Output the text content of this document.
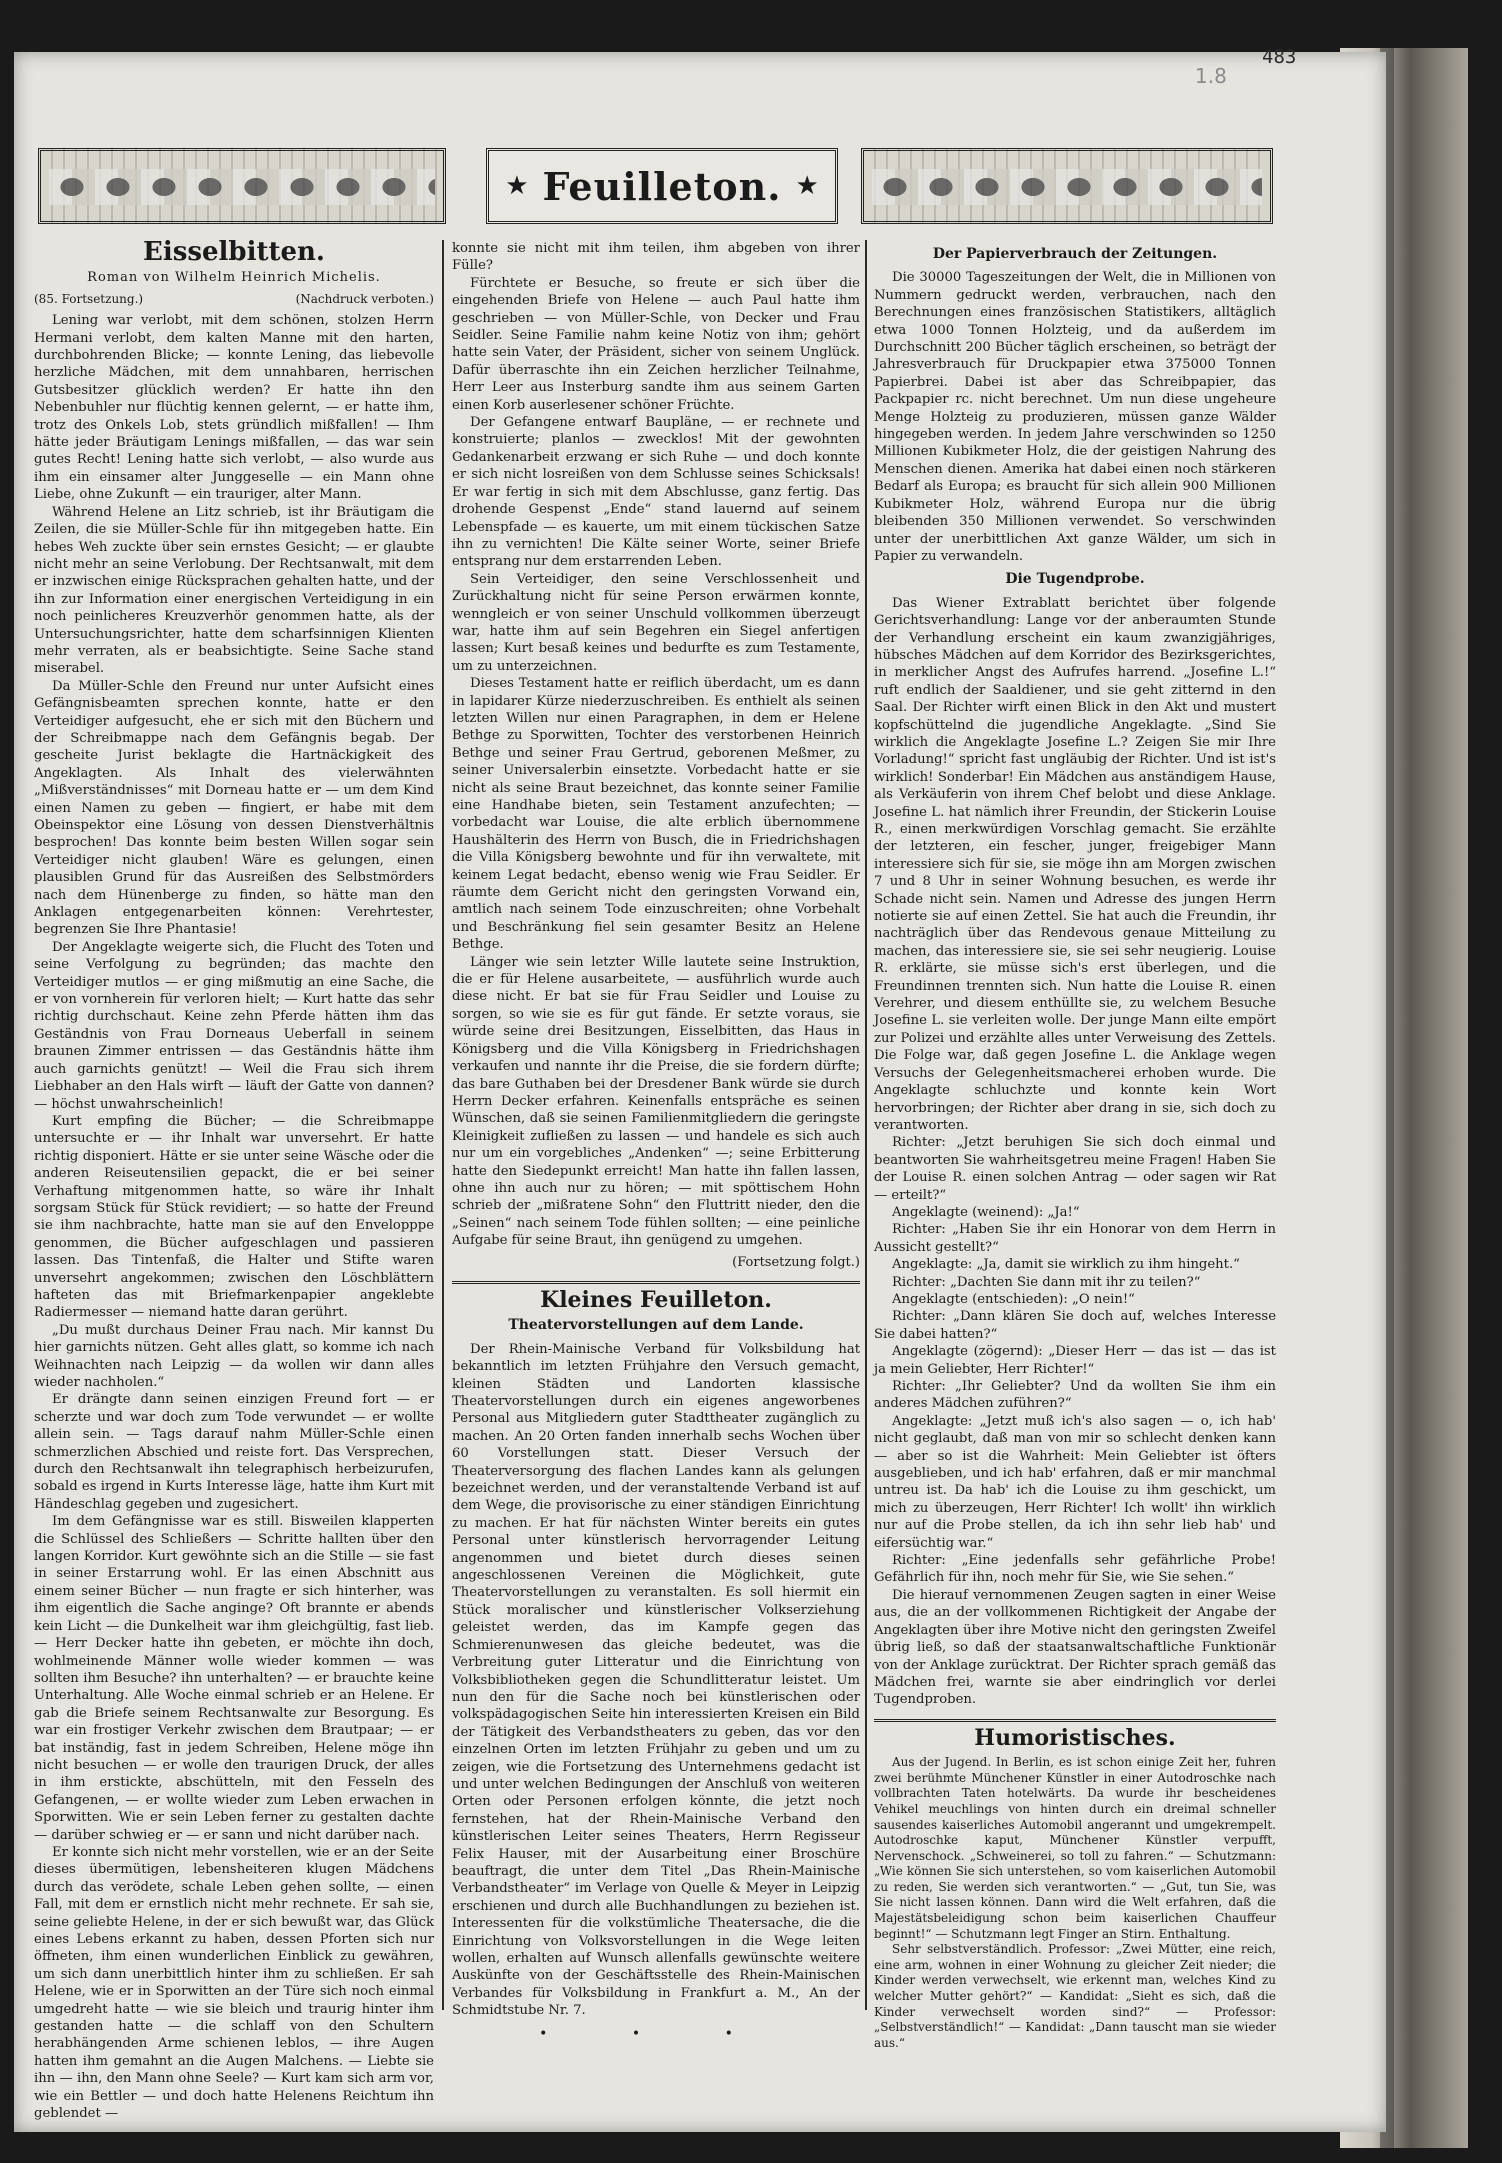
483
1.8
★ Feuilleton. ★
Eisselbitten.
Roman von Wilhelm Heinrich Michelis.
(85. Fortsetzung.)	(Nachdruck verboten.)

Lening war verlobt, mit dem schönen, stolzen Herrn Hermani verlobt, dem kalten Manne mit den harten, durchbohrenden Blicke; — konnte Lening, das liebevolle herzliche Mädchen, mit dem unnahbaren, herrischen Gutsbesitzer glücklich werden? Er hatte ihn den Nebenbuhler nur flüchtig kennen gelernt, — er hatte ihm, trotz des Onkels Lob, stets gründlich mißfallen! — Ihm hätte jeder Bräutigam Lenings mißfallen, — das war sein gutes Recht! Lening hatte sich verlobt, — also wurde aus ihm ein einsamer alter Junggeselle — ein Mann ohne Liebe, ohne Zukunft — ein trauriger, alter Mann.

Während Helene an Litz schrieb, ist ihr Bräutigam die Zeilen, die sie Müller-Schle für ihn mitgegeben hatte. Ein hebes Weh zuckte über sein ernstes Gesicht; — er glaubte nicht mehr an seine Verlobung. Der Rechtsanwalt, mit dem er inzwischen einige Rücksprachen gehalten hatte, und der ihn zur Information einer energischen Verteidigung in ein noch peinlicheres Kreuzverhör genommen hatte, als der Untersuchungsrichter, hatte dem scharfsinnigen Klienten mehr verraten, als er beabsichtigte. Seine Sache stand miserabel.

Da Müller-Schle den Freund nur unter Aufsicht eines Gefängnisbeamten sprechen konnte, hatte er den Verteidiger aufgesucht, ehe er sich mit den Büchern und der Schreibmappe nach dem Gefängnis begab. Der gescheite Jurist beklagte die Hartnäckigkeit des Angeklagten. Als Inhalt des vielerwähnten „Mißverständnisses“ mit Dorneau hatte er — um dem Kind einen Namen zu geben — fingiert, er habe mit dem Obeinspektor eine Lösung von dessen Dienstverhältnis besprochen! Das konnte beim besten Willen sogar sein Verteidiger nicht glauben! Wäre es gelungen, einen plausiblen Grund für das Ausreißen des Selbstmörders nach dem Hünenberge zu finden, so hätte man den Anklagen entgegenarbeiten können: Verehrtester, begrenzen Sie Ihre Phantasie!

Der Angeklagte weigerte sich, die Flucht des Toten und seine Verfolgung zu begründen; das machte den Verteidiger mutlos — er ging mißmutig an eine Sache, die er von vornherein für verloren hielt; — Kurt hatte das sehr richtig durchschaut. Keine zehn Pferde hätten ihm das Geständnis von Frau Dorneaus Ueberfall in seinem braunen Zimmer entrissen — das Geständnis hätte ihm auch garnichts genützt! — Weil die Frau sich ihrem Liebhaber an den Hals wirft — läuft der Gatte von dannen? — höchst unwahrscheinlich!

Kurt empfing die Bücher; — die Schreibmappe untersuchte er — ihr Inhalt war unversehrt. Er hatte richtig disponiert. Hätte er sie unter seine Wäsche oder die anderen Reiseutensilien gepackt, die er bei seiner Verhaftung mitgenommen hatte, so wäre ihr Inhalt sorgsam Stück für Stück revidiert; — so hatte der Freund sie ihm nachbrachte, hatte man sie auf den Envelopppe genommen, die Bücher aufgeschlagen und passieren lassen. Das Tintenfaß, die Halter und Stifte waren unversehrt angekommen; zwischen den Löschblättern hafteten das mit Briefmarkenpapier angeklebte Radiermesser — niemand hatte daran gerührt.

„Du mußt durchaus Deiner Frau nach. Mir kannst Du hier garnichts nützen. Geht alles glatt, so komme ich nach Weihnachten nach Leipzig — da wollen wir dann alles wieder nachholen.“

Er drängte dann seinen einzigen Freund fort — er scherzte und war doch zum Tode verwundet — er wollte allein sein. — Tags darauf nahm Müller-Schle einen schmerzlichen Abschied und reiste fort. Das Versprechen, durch den Rechtsanwalt ihn telegraphisch herbeizurufen, sobald es irgend in Kurts Interesse läge, hatte ihm Kurt mit Händeschlag gegeben und zugesichert.

Im dem Gefängnisse war es still. Bisweilen klapperten die Schlüssel des Schließers — Schritte hallten über den langen Korridor. Kurt gewöhnte sich an die Stille — sie fast in seiner Erstarrung wohl. Er las einen Abschnitt aus einem seiner Bücher — nun fragte er sich hinterher, was ihm eigentlich die Sache anginge? Oft brannte er abends kein Licht — die Dunkelheit war ihm gleichgültig, fast lieb. — Herr Decker hatte ihn gebeten, er möchte ihn doch, wohlmeinende Männer wolle wieder kommen — was sollten ihm Besuche? ihn unterhalten? — er brauchte keine Unterhaltung. Alle Woche einmal schrieb er an Helene. Er gab die Briefe seinem Rechtsanwalte zur Besorgung. Es war ein frostiger Verkehr zwischen dem Brautpaar; — er bat inständig, fast in jedem Schreiben, Helene möge ihn nicht besuchen — er wolle den traurigen Druck, der alles in ihm erstickte, abschütteln, mit den Fesseln des Gefangenen, — er wollte wieder zum Leben erwachen in Sporwitten. Wie er sein Leben ferner zu gestalten dachte — darüber schwieg er — er sann und nicht darüber nach.

Er konnte sich nicht mehr vorstellen, wie er an der Seite dieses übermütigen, lebensheiteren klugen Mädchens durch das verödete, schale Leben gehen sollte, — einen Fall, mit dem er ernstlich nicht mehr rechnete. Er sah sie, seine geliebte Helene, in der er sich bewußt war, das Glück eines Lebens erkannt zu haben, dessen Pforten sich nur öffneten, ihm einen wunderlichen Einblick zu gewähren, um sich dann unerbittlich hinter ihm zu schließen. Er sah Helene, wie er in Sporwitten an der Türe sich noch einmal umgedreht hatte — wie sie bleich und traurig hinter ihm gestanden hatte — die schlaff von den Schultern herabhängenden Arme schienen leblos, — ihre Augen hatten ihm gemahnt an die Augen Malchens. — Liebte sie ihn — ihn, den Mann ohne Seele? — Kurt kam sich arm vor, wie ein Bettler — und doch hatte Helenens Reichtum ihn geblendet —

konnte sie nicht mit ihm teilen, ihm abgeben von ihrer Fülle?

Fürchtete er Besuche, so freute er sich über die eingehenden Briefe von Helene — auch Paul hatte ihm geschrieben — von Müller-Schle, von Decker und Frau Seidler. Seine Familie nahm keine Notiz von ihm; gehört hatte sein Vater, der Präsident, sicher von seinem Unglück. Dafür überraschte ihn ein Zeichen herzlicher Teilnahme, Herr Leer aus Insterburg sandte ihm aus seinem Garten einen Korb auserlesener schöner Früchte.

Der Gefangene entwarf Baupläne, — er rechnete und konstruierte; planlos — zwecklos! Mit der gewohnten Gedankenarbeit erzwang er sich Ruhe — und doch konnte er sich nicht losreißen von dem Schlusse seines Schicksals! Er war fertig in sich mit dem Abschlusse, ganz fertig. Das drohende Gespenst „Ende“ stand lauernd auf seinem Lebenspfade — es kauerte, um mit einem tückischen Satze ihn zu vernichten! Die Kälte seiner Worte, seiner Briefe entsprang nur dem erstarrenden Leben.

Sein Verteidiger, den seine Verschlossenheit und Zurückhaltung nicht für seine Person erwärmen konnte, wenngleich er von seiner Unschuld vollkommen überzeugt war, hatte ihm auf sein Begehren ein Siegel anfertigen lassen; Kurt besaß keines und bedurfte es zum Testamente, um zu unterzeichnen.

Dieses Testament hatte er reiflich überdacht, um es dann in lapidarer Kürze niederzuschreiben. Es enthielt als seinen letzten Willen nur einen Paragraphen, in dem er Helene Bethge zu Sporwitten, Tochter des verstorbenen Heinrich Bethge und seiner Frau Gertrud, geborenen Meßmer, zu seiner Universalerbin einsetzte. Vorbedacht hatte er sie nicht als seine Braut bezeichnet, das konnte seiner Familie eine Handhabe bieten, sein Testament anzufechten; — vorbedacht war Louise, die alte erblich übernommene Haushälterin des Herrn von Busch, die in Friedrichshagen die Villa Königsberg bewohnte und für ihn verwaltete, mit keinem Legat bedacht, ebenso wenig wie Frau Seidler. Er räumte dem Gericht nicht den geringsten Vorwand ein, amtlich nach seinem Tode einzuschreiten; ohne Vorbehalt und Beschränkung fiel sein gesamter Besitz an Helene Bethge.

Länger wie sein letzter Wille lautete seine Instruktion, die er für Helene ausarbeitete, — ausführlich wurde auch diese nicht. Er bat sie für Frau Seidler und Louise zu sorgen, so wie sie es für gut fände. Er setzte voraus, sie würde seine drei Besitzungen, Eisselbitten, das Haus in Königsberg und die Villa Königsberg in Friedrichshagen verkaufen und nannte ihr die Preise, die sie fordern dürfte; das bare Guthaben bei der Dresdener Bank würde sie durch Herrn Decker erfahren. Keinenfalls entspräche es seinen Wünschen, daß sie seinen Familienmitgliedern die geringste Kleinigkeit zufließen zu lassen — und handele es sich auch nur um ein vorgebliches „Andenken“ —; seine Erbitterung hatte den Siedepunkt erreicht! Man hatte ihn fallen lassen, ohne ihn auch nur zu hören; — mit spöttischem Hohn schrieb der „mißratene Sohn“ den Fluttritt nieder, den die „Seinen“ nach seinem Tode fühlen sollten; — eine peinliche Aufgabe für seine Braut, ihn genügend zu umgehen.

(Fortsetzung folgt.)
Kleines Feuilleton.
Theatervorstellungen auf dem Lande.

Der Rhein-Mainische Verband für Volksbildung hat bekanntlich im letzten Frühjahre den Versuch gemacht, kleinen Städten und Landorten klassische Theatervorstellungen durch ein eigenes angeworbenes Personal aus Mitgliedern guter Stadttheater zugänglich zu machen. An 20 Orten fanden innerhalb sechs Wochen über 60 Vorstellungen statt. Dieser Versuch der Theaterversorgung des flachen Landes kann als gelungen bezeichnet werden, und der veranstaltende Verband ist auf dem Wege, die provisorische zu einer ständigen Einrichtung zu machen. Er hat für nächsten Winter bereits ein gutes Personal unter künstlerisch hervorragender Leitung angenommen und bietet durch dieses seinen angeschlossenen Vereinen die Möglichkeit, gute Theatervorstellungen zu veranstalten. Es soll hiermit ein Stück moralischer und künstlerischer Volkserziehung geleistet werden, das im Kampfe gegen das Schmierenunwesen das gleiche bedeutet, was die Verbreitung guter Litteratur und die Einrichtung von Volksbibliotheken gegen die Schundlitteratur leistet. Um nun den für die Sache noch bei künstlerischen oder volkspädagogischen Seite hin interessierten Kreisen ein Bild der Tätigkeit des Verbandstheaters zu geben, das vor den einzelnen Orten im letzten Frühjahr zu geben und um zu zeigen, wie die Fortsetzung des Unternehmens gedacht ist und unter welchen Bedingungen der Anschluß von weiteren Orten oder Personen erfolgen könnte, die jetzt noch fernstehen, hat der Rhein-Mainische Verband den künstlerischen Leiter seines Theaters, Herrn Regisseur Felix Hauser, mit der Ausarbeitung einer Broschüre beauftragt, die unter dem Titel „Das Rhein-Mainische Verbandstheater“ im Verlage von Quelle & Meyer in Leipzig erschienen und durch alle Buchhandlungen zu beziehen ist. Interessenten für die volkstümliche Theatersache, die die Einrichtung von Volksvorstellungen in die Wege leiten wollen, erhalten auf Wunsch allenfalls gewünschte weitere Auskünfte von der Geschäftsstelle des Rhein-Mainischen Verbandes für Volksbildung in Frankfurt a. M., An der Schmidtstube Nr. 7.

• • •
Der Papierverbrauch der Zeitungen.

Die 30000 Tageszeitungen der Welt, die in Millionen von Nummern gedruckt werden, verbrauchen, nach den Berechnungen eines französischen Statistikers, alltäglich etwa 1000 Tonnen Holzteig, und da außerdem im Durchschnitt 200 Bücher täglich erscheinen, so beträgt der Jahresverbrauch für Druckpapier etwa 375000 Tonnen Papierbrei. Dabei ist aber das Schreibpapier, das Packpapier rc. nicht berechnet. Um nun diese ungeheure Menge Holzteig zu produzieren, müssen ganze Wälder hingegeben werden. In jedem Jahre verschwinden so 1250 Millionen Kubikmeter Holz, die der geistigen Nahrung des Menschen dienen. Amerika hat dabei einen noch stärkeren Bedarf als Europa; es braucht für sich allein 900 Millionen Kubikmeter Holz, während Europa nur die übrig bleibenden 350 Millionen verwendet. So verschwinden unter der unerbittlichen Axt ganze Wälder, um sich in Papier zu verwandeln.

Die Tugendprobe.

Das Wiener Extrablatt berichtet über folgende Gerichtsverhandlung: Lange vor der anberaumten Stunde der Verhandlung erscheint ein kaum zwanzigjähriges, hübsches Mädchen auf dem Korridor des Bezirksgerichtes, in merklicher Angst des Aufrufes harrend. „Josefine L.!“ ruft endlich der Saaldiener, und sie geht zitternd in den Saal. Der Richter wirft einen Blick in den Akt und mustert kopfschüttelnd die jugendliche Angeklagte. „Sind Sie wirklich die Angeklagte Josefine L.? Zeigen Sie mir Ihre Vorladung!“ spricht fast ungläubig der Richter. Und ist ist's wirklich! Sonderbar! Ein Mädchen aus anständigem Hause, als Verkäuferin von ihrem Chef belobt und diese Anklage. Josefine L. hat nämlich ihrer Freundin, der Stickerin Louise R., einen merkwürdigen Vorschlag gemacht. Sie erzählte der letzteren, ein fescher, junger, freigebiger Mann interessiere sich für sie, sie möge ihn am Morgen zwischen 7 und 8 Uhr in seiner Wohnung besuchen, es werde ihr Schade nicht sein. Namen und Adresse des jungen Herrn notierte sie auf einen Zettel. Sie hat auch die Freundin, ihr nachträglich über das Rendevous genaue Mitteilung zu machen, das interessiere sie, sie sei sehr neugierig. Louise R. erklärte, sie müsse sich's erst überlegen, und die Freundinnen trennten sich. Nun hatte die Louise R. einen Verehrer, und diesem enthüllte sie, zu welchem Besuche Josefine L. sie verleiten wolle. Der junge Mann eilte empört zur Polizei und erzählte alles unter Verweisung des Zettels. Die Folge war, daß gegen Josefine L. die Anklage wegen Versuchs der Gelegenheitsmacherei erhoben wurde. Die Angeklagte schluchzte und konnte kein Wort hervorbringen; der Richter aber drang in sie, sich doch zu verantworten.

Richter: „Jetzt beruhigen Sie sich doch einmal und beantworten Sie wahrheitsgetreu meine Fragen! Haben Sie der Louise R. einen solchen Antrag — oder sagen wir Rat — erteilt?“

Angeklagte (weinend): „Ja!“

Richter: „Haben Sie ihr ein Honorar von dem Herrn in Aussicht gestellt?“

Angeklagte: „Ja, damit sie wirklich zu ihm hingeht.“

Richter: „Dachten Sie dann mit ihr zu teilen?“

Angeklagte (entschieden): „O nein!“

Richter: „Dann klären Sie doch auf, welches Interesse Sie dabei hatten?“

Angeklagte (zögernd): „Dieser Herr — das ist — das ist ja mein Geliebter, Herr Richter!“

Richter: „Ihr Geliebter? Und da wollten Sie ihm ein anderes Mädchen zuführen?“

Angeklagte: „Jetzt muß ich's also sagen — o, ich hab' nicht geglaubt, daß man von mir so schlecht denken kann — aber so ist die Wahrheit: Mein Geliebter ist öfters ausgeblieben, und ich hab' erfahren, daß er mir manchmal untreu ist. Da hab' ich die Louise zu ihm geschickt, um mich zu überzeugen, Herr Richter! Ich wollt' ihn wirklich nur auf die Probe stellen, da ich ihn sehr lieb hab' und eifersüchtig war.“

Richter: „Eine jedenfalls sehr gefährliche Probe! Gefährlich für ihn, noch mehr für Sie, wie Sie sehen.“

Die hierauf vernommenen Zeugen sagten in einer Weise aus, die an der vollkommenen Richtigkeit der Angabe der Angeklagten über ihre Motive nicht den geringsten Zweifel übrig ließ, so daß der staatsanwaltschaftliche Funktionär von der Anklage zurücktrat. Der Richter sprach gemäß das Mädchen frei, warnte sie aber eindringlich vor derlei Tugendproben.

Humoristisches.

Aus der Jugend. In Berlin, es ist schon einige Zeit her, fuhren zwei berühmte Münchener Künstler in einer Autodroschke nach vollbrachten Taten hotelwärts. Da wurde ihr bescheidenes Vehikel meuchlings von hinten durch ein dreimal schneller sausendes kaiserliches Automobil angerannt und umgekrempelt. Autodroschke kaput, Münchener Künstler verpufft, Nervenschock. „Schweinerei, so toll zu fahren.“ — Schutzmann: „Wie können Sie sich unterstehen, so vom kaiserlichen Automobil zu reden, Sie werden sich verantworten.“ — „Gut, tun Sie, was Sie nicht lassen können. Dann wird die Welt erfahren, daß die Majestätsbeleidigung schon beim kaiserlichen Chauffeur beginnt!“ — Schutzmann legt Finger an Stirn. Enthaltung.

Sehr selbstverständlich. Professor: „Zwei Mütter, eine reich, eine arm, wohnen in einer Wohnung zu gleicher Zeit nieder; die Kinder werden verwechselt, wie erkennt man, welches Kind zu welcher Mutter gehört?“ — Kandidat: „Sieht es sich, daß die Kinder verwechselt worden sind?“ — Professor: „Selbstverständlich!“ — Kandidat: „Dann tauscht man sie wieder aus.“
